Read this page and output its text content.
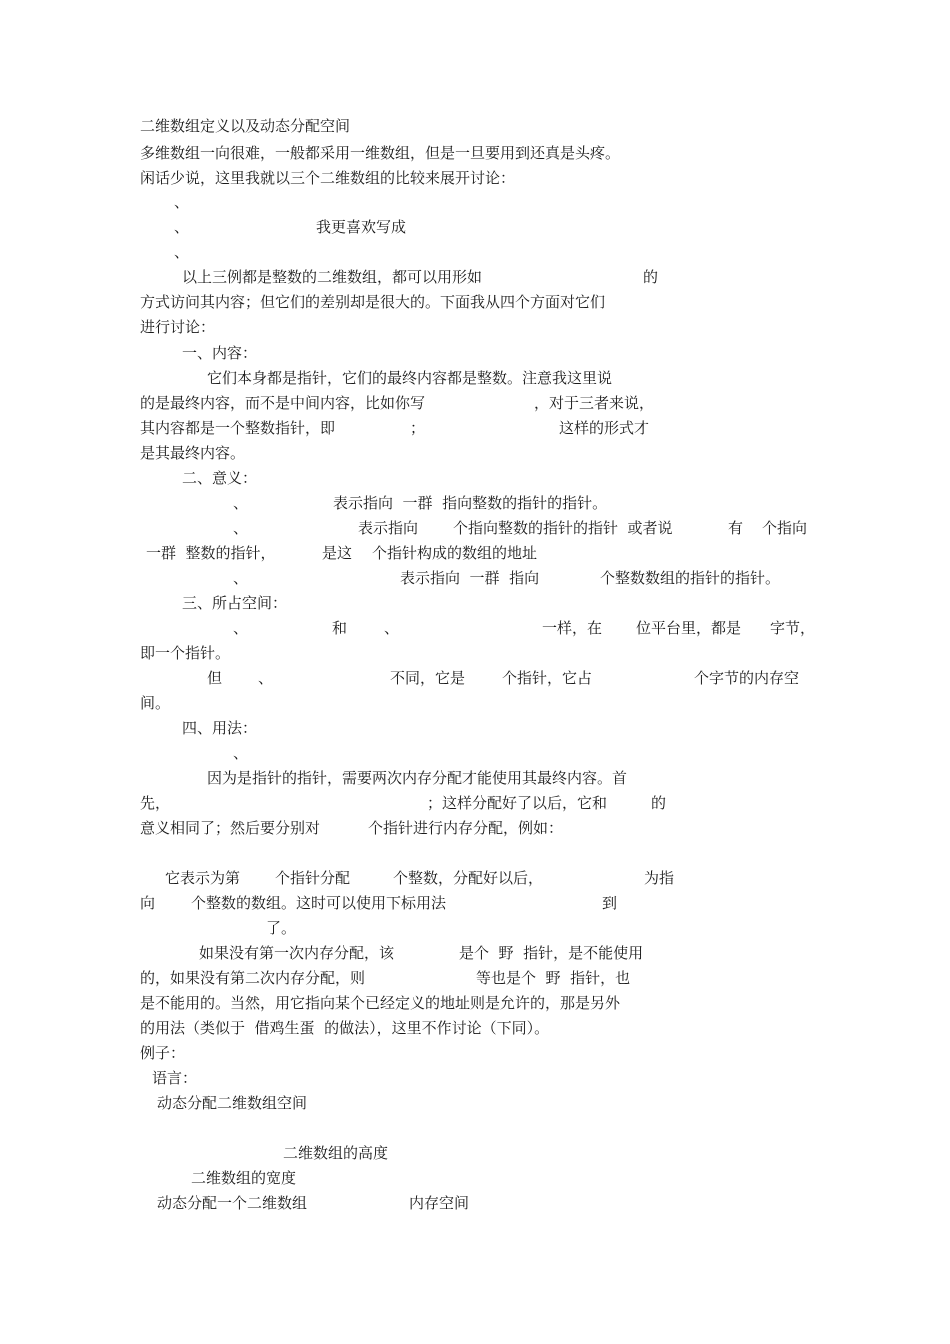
二维数组定义以及动态分配空间
多维数组一向很难，一般都采用一维数组，但是一旦要用到还真是头疼。
闲话少说，这里我就以三个二维数组的比较来展开讨论：
、
、	我更喜欢写成
、
以上三例都是整数的二维数组，都可以用形如	的
方式访问其内容；但它们的差别却是很大的。下面我从四个方面对它们
进行讨论：
一、内容：
它们本身都是指针，它们的最终内容都是整数。注意我这里说
的是最终内容，而不是中间内容，比如你写	，对于三者来说，
其内容都是一个整数指针，即	；	这样的形式才
是其最终内容。
二、意义：
、	表示指向  一群  指向整数的指针的指针。
、	表示指向 个指向整数的指针的指针  或者说	有 个指向
一群  整数的指针，	是这 个指针构成的数组的地址
、	表示指向  一群  指向	个整数数组的指针的指针。
三、所占空间：
、	和 、	一样，在 位平台里，都是 字节，
即一个指针。
但 、	不同，它是 个指针，它占	个字节的内存空
间。
四、用法：
、
因为是指针的指针，需要两次内存分配才能使用其最终内容。首
先，	；这样分配好了以后，它和	的
意义相同了；然后要分别对	个指针进行内存分配，例如：
它表示为第 个指针分配	个整数，分配好以后，	为指
向 个整数的数组。这时可以使用下标用法	到
了。
如果没有第一次内存分配，该	是个  野  指针，是不能使用
的，如果没有第二次内存分配，则	等也是个  野  指针，也
是不能用的。当然，用它指向某个已经定义的地址则是允许的，那是另外
的用法（类似于  借鸡生蛋  的做法），这里不作讨论（下同）。
例子：
语言：
动态分配二维数组空间
二维数组的高度
二维数组的宽度
动态分配一个二维数组	内存空间
